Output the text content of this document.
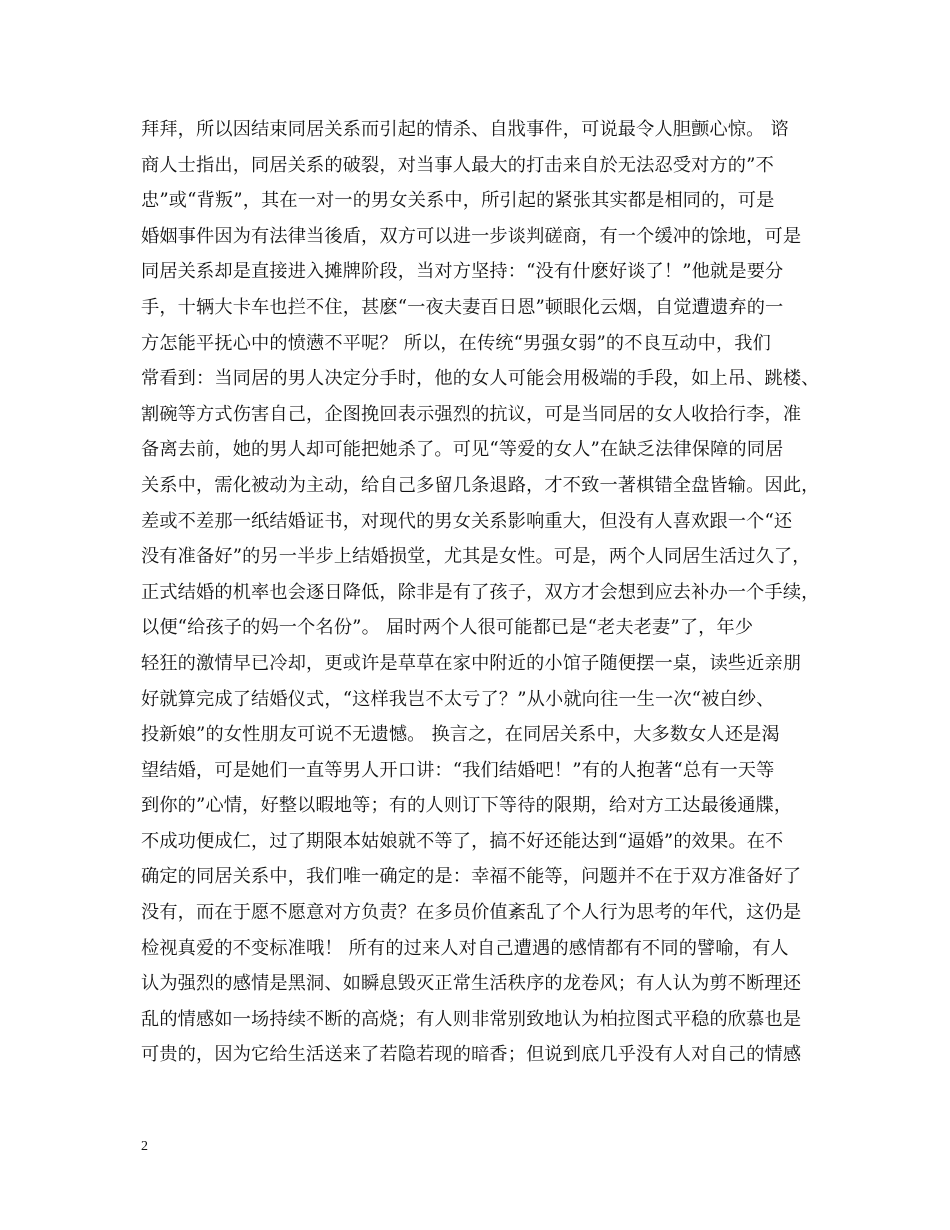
拜拜，所以因结束同居关系而引起的情杀、自戕事件，可说最令人胆颤心惊。 谘
商人士指出，同居关系的破裂，对当事人最大的打击来自於无法忍受对方的”不
忠”或“背叛”，其在一对一的男女关系中，所引起的紧张其实都是相同的，可是
婚姻事件因为有法律当後盾，双方可以进一步谈判磋商，有一个缓冲的馀地，可是
同居关系却是直接进入摊牌阶段，当对方坚持：“没有什麽好谈了！”他就是要分
手，十辆大卡车也拦不住，甚麽“一夜夫妻百日恩”顿眼化云烟，自觉遭遗弃的一
方怎能平抚心中的愤懑不平呢？ 所以，在传统“男强女弱”的不良互动中，我们
常看到：当同居的男人决定分手时，他的女人可能会用极端的手段，如上吊、跳楼、
割碗等方式伤害自己，企图挽回表示强烈的抗议，可是当同居的女人收拾行李，准
备离去前，她的男人却可能把她杀了。可见“等爱的女人”在缺乏法律保障的同居
关系中，需化被动为主动，给自己多留几条退路，才不致一著棋错全盘皆输。因此，
差或不差那一纸结婚证书，对现代的男女关系影响重大，但没有人喜欢跟一个“还
没有准备好”的另一半步上结婚损堂，尤其是女性。可是，两个人同居生活过久了，
正式结婚的机率也会逐日降低，除非是有了孩子，双方才会想到应去补办一个手续，
以便“给孩子的妈一个名份”。 届时两个人很可能都已是“老夫老妻”了，年少
轻狂的激情早已冷却，更或许是草草在家中附近的小馆子随便摆一桌，读些近亲朋
好就算完成了结婚仪式，“这样我岂不太亏了？”从小就向往一生一次“被白纱、
投新娘”的女性朋友可说不无遗憾。 换言之，在同居关系中，大多数女人还是渴
望结婚，可是她们一直等男人开口讲：“我们结婚吧！”有的人抱著“总有一天等
到你的”心情，好整以暇地等；有的人则订下等待的限期，给对方工达最後通牒，
不成功便成仁，过了期限本姑娘就不等了，搞不好还能达到“逼婚”的效果。在不
确定的同居关系中，我们唯一确定的是：幸福不能等，问题并不在于双方准备好了
没有，而在于愿不愿意对方负责？在多员价值紊乱了个人行为思考的年代，这仍是
检视真爱的不变标准哦！ 所有的过来人对自己遭遇的感情都有不同的譬喻，有人
认为强烈的感情是黑洞、如瞬息毁灭正常生活秩序的龙卷风；有人认为剪不断理还
乱的情感如一场持续不断的高烧；有人则非常别致地认为柏拉图式平稳的欣慕也是
可贵的，因为它给生活送来了若隐若现的暗香；但说到底几乎没有人对自己的情感
2
